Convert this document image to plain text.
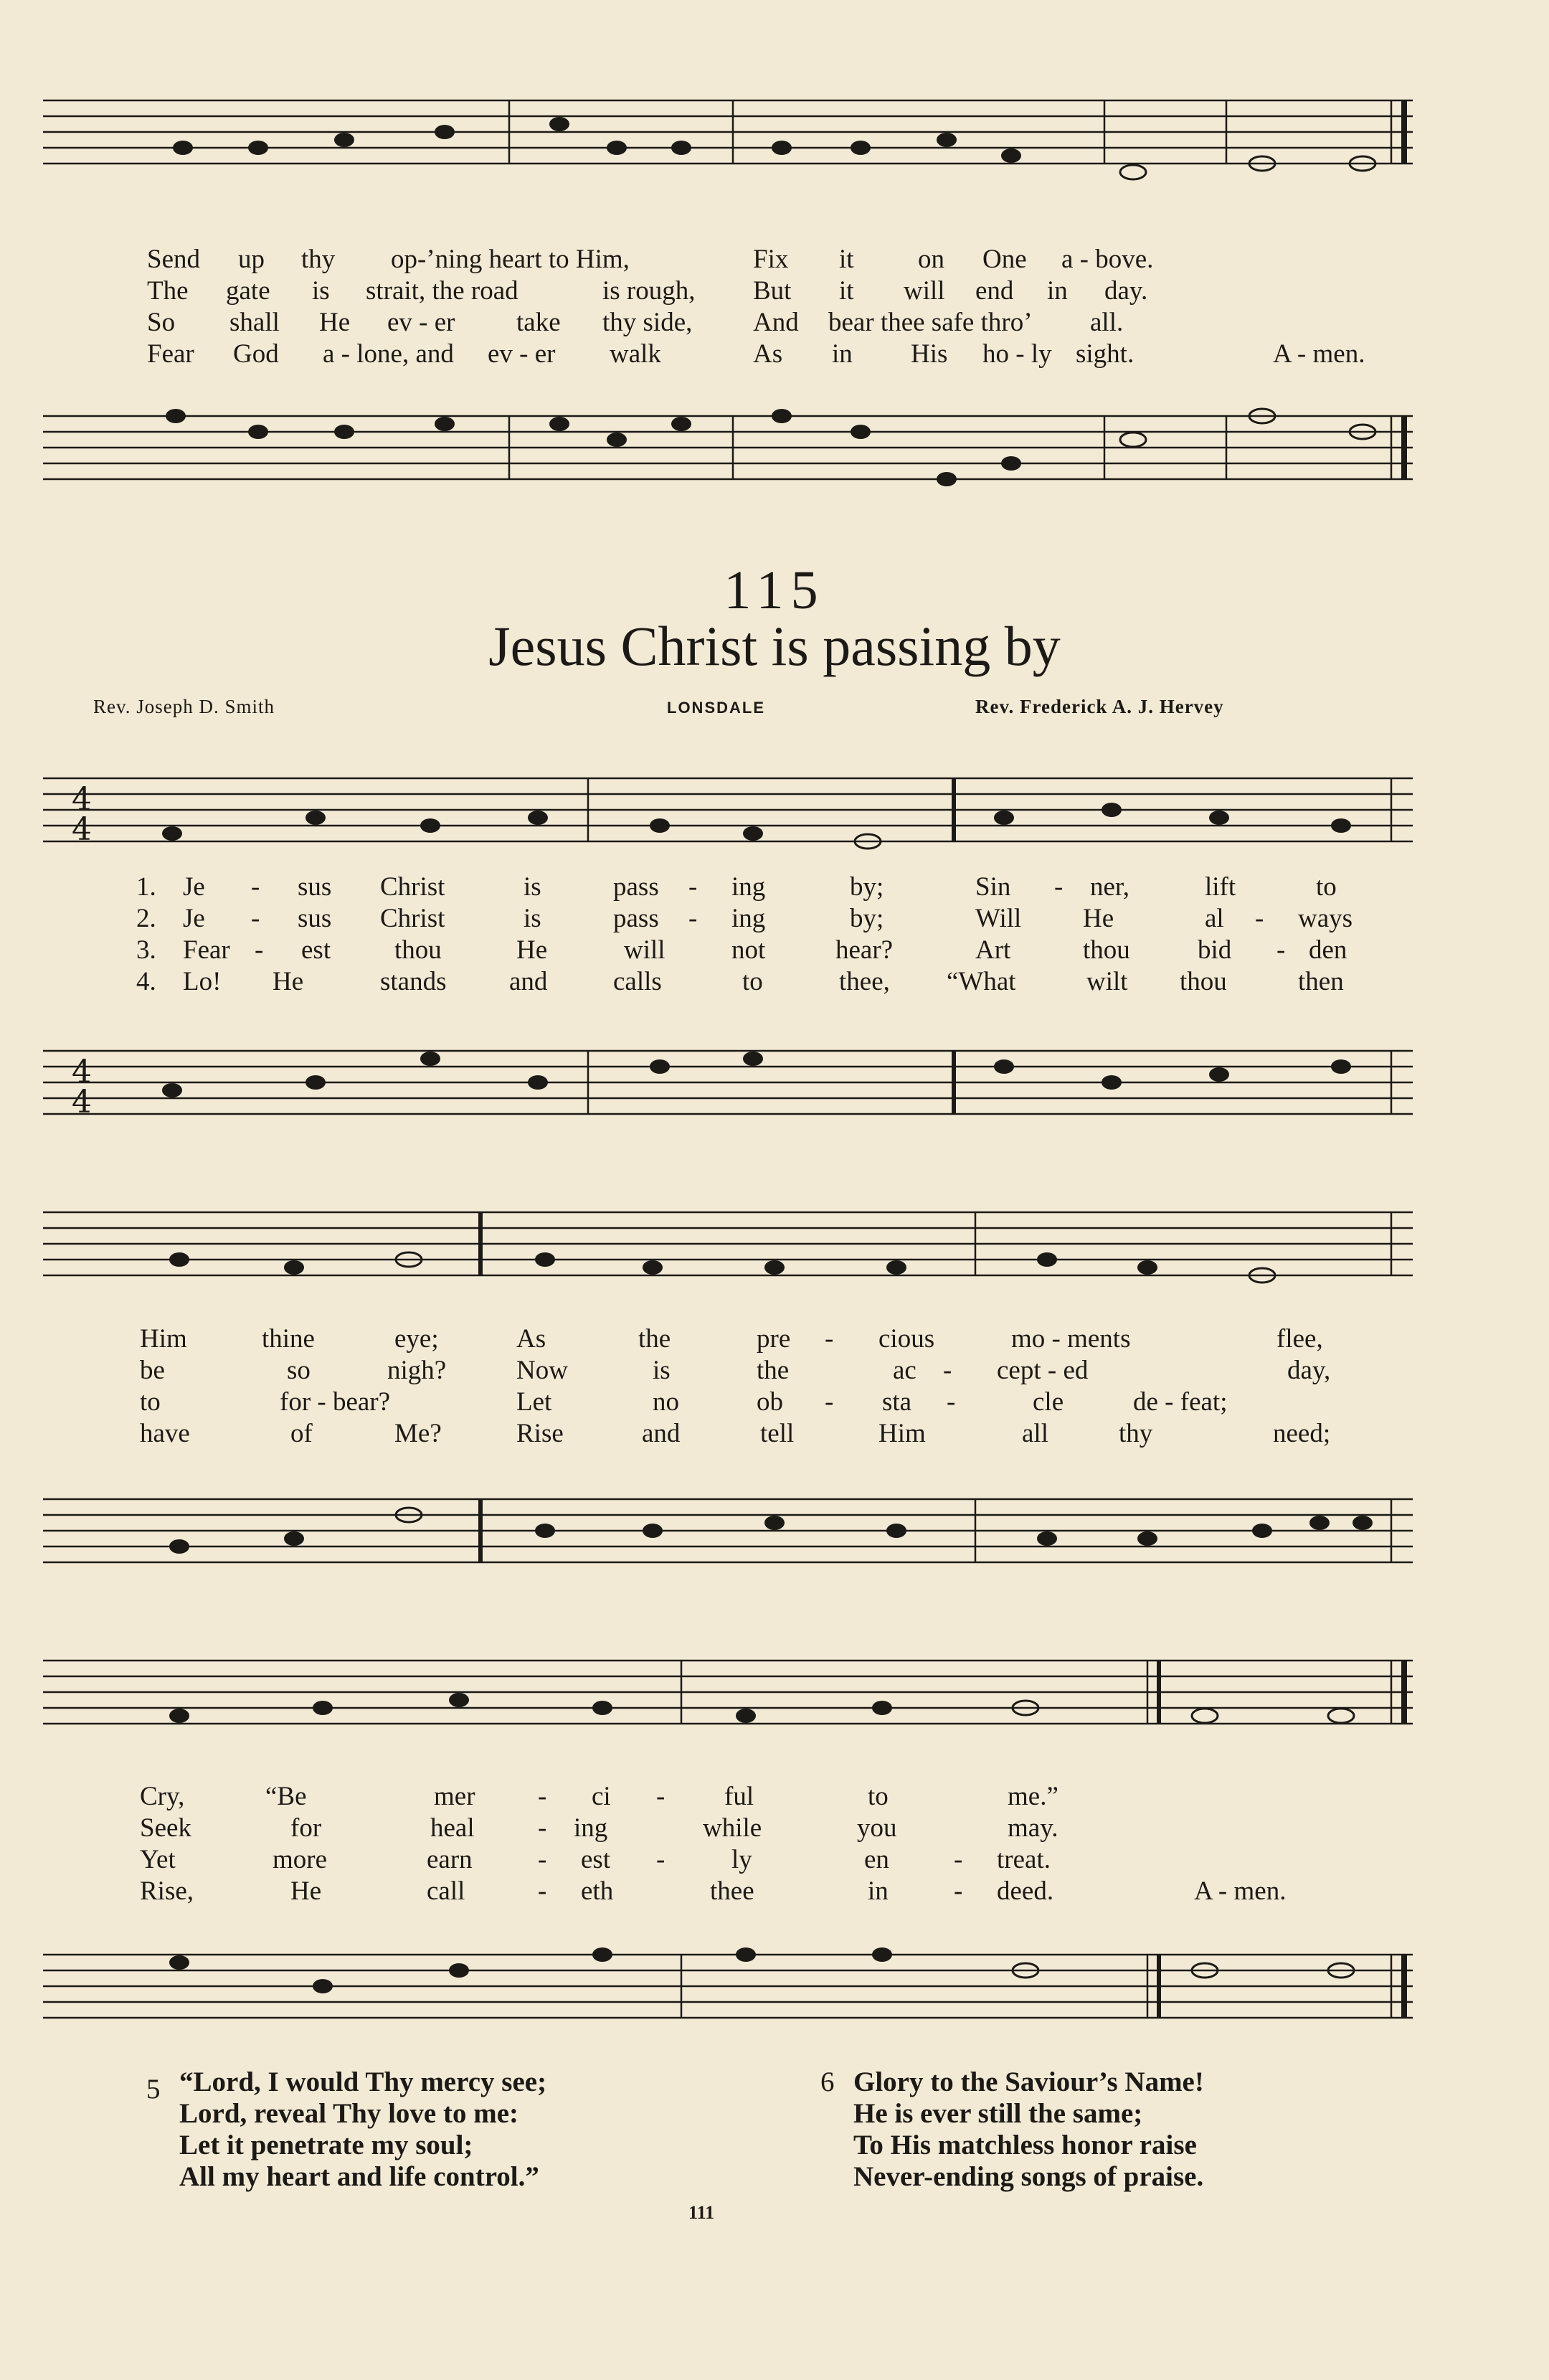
Send up thy op-’ning heart to Him,	Fix it on One a - bove.
The gate is strait, the road	is rough, But it will end in day.
So shall He ev - er take thy side, And bear thee safe thro’ all.
Fear God a - lone, and ev - er walk	As in His ho - ly sight.	A - men.
115
Jesus Christ is passing by
Rev. Joseph D. Smith	LONSDALE	Rev. Frederick A. J. Hervey
4
4
1. Je - sus Christ	is	pass - ing	by;	Sin - ner,	lift	to
2. Je - sus Christ	is	pass - ing	by;	Will He	al - ways
3. Fear - est thou	He	will not	hear?	Art	thou	bid - den
4. Lo! He	stands and calls	to	thee, “What	wilt thou	then
4
4
Him	thine	eye;	As	the	pre - cious	mo - ments	flee,
be	so	nigh?	Now	is	the	ac - cept - ed	day,
to	for - bear?	Let	no	ob - sta -	cle	de - feat;
have	of	Me?	Rise	and	tell	Him	all	thy	need;
Cry,	“Be	mer - ci - ful	to	me.”
Seek	for	heal - ing	while	you	may.
Yet	more	earn - est -	ly	en - treat.
Rise,	He	call	- eth	thee	in - deed.	A - men.
5 “Lord, I would Thy mercy see;
Lord, reveal Thy love to me:
Let it penetrate my soul;
All my heart and life control.”
6 Glory to the Saviour’s Name!
He is ever still the same;
To His matchless honor raise
Never-ending songs of praise.
111
